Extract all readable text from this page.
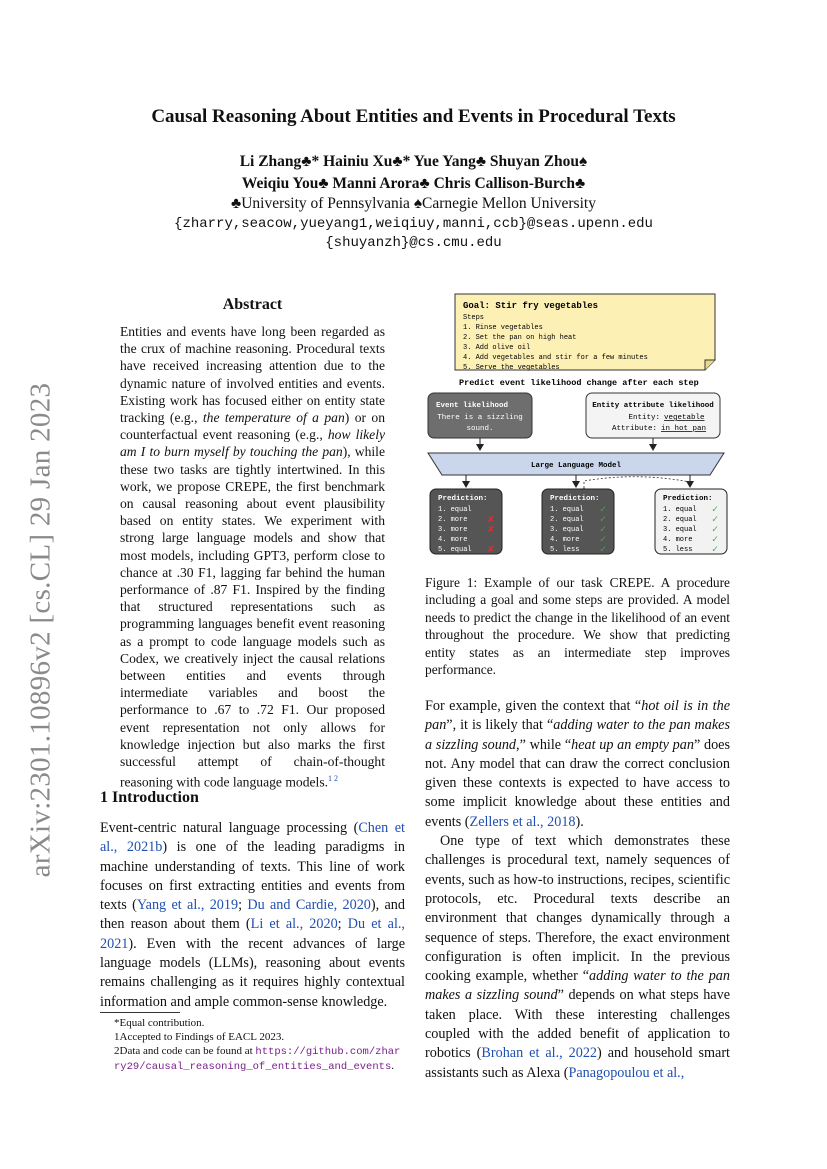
arXiv:2301.10896v2 [cs.CL] 29 Jan 2023
Causal Reasoning About Entities and Events in Procedural Texts
Li Zhang♣* Hainiu Xu♣* Yue Yang♣ Shuyan Zhou♠
Weiqiu You♣ Manni Arora♣ Chris Callison-Burch♣
♣University of Pennsylvania ♠Carnegie Mellon University
{zharry,seacow,yueyang1,weiqiuy,manni,ccb}@seas.upenn.edu
{shuyanzh}@cs.cmu.edu
Abstract
Entities and events have long been regarded as the crux of machine reasoning. Procedural texts have received increasing attention due to the dynamic nature of involved entities and events. Existing work has focused either on entity state tracking (e.g., the temperature of a pan) or on counterfactual event reasoning (e.g., how likely am I to burn myself by touching the pan), while these two tasks are tightly intertwined. In this work, we propose CREPE, the first benchmark on causal reasoning about event plausibility based on entity states. We experiment with strong large language models and show that most models, including GPT3, perform close to chance at .30 F1, lagging far behind the human performance of .87 F1. Inspired by the finding that structured representations such as programming languages benefit event reasoning as a prompt to code language models such as Codex, we creatively inject the causal relations between entities and events through intermediate variables and boost the performance to .67 to .72 F1. Our proposed event representation not only allows for knowledge injection but also marks the first successful attempt of chain-of-thought reasoning with code language models.$^{1 2}$
1 Introduction
Event-centric natural language processing (Chen et al., 2021b) is one of the leading paradigms in machine understanding of texts. This line of work focuses on first extracting entities and events from texts (Yang et al., 2019; Du and Cardie, 2020), and then reason about them (Li et al., 2020; Du et al., 2021). Even with the recent advances of large language models (LLMs), reasoning about events remains challenging as it requires highly contextual information and ample common-sense knowledge.
*Equal contribution.
1Accepted to Findings of EACL 2023.
2Data and code can be found at https://github.com/zharry29/causal_reasoning_of_entities_and_events.
Goal: Stir fry vegetables
Steps
1. Rinse vegetables
2. Set the pan on high heat
3. Add olive oil
4. Add vegetables and stir for a few minutes
5. Serve the vegetables
Predict event likelihood change after each step
Event likelihood
There is a sizzling
sound.
Entity attribute likelihood
Entity: vegetable
Attribute: in hot pan
Large Language Model
Prediction:
1. equal
2. more
3. more
4. more
5. equal
✘
✘
✘
Prediction:
1. equal
2. equal
3. equal
4. more
5. less
✓
✓
✓
✓
✓
Prediction:
1. equal
2. equal
3. equal
4. more
5. less
✓
✓
✓
✓
✓
Figure 1: Example of our task CREPE. A procedure including a goal and some steps are provided. A model needs to predict the change in the likelihood of an event throughout the procedure. We show that predicting entity states as an intermediate step improves performance.

For example, given the context that “hot oil is in the pan”, it is likely that “adding water to the pan makes a sizzling sound,” while “heat up an empty pan” does not. Any model that can draw the correct conclusion given these contexts is expected to have access to some implicit knowledge about these entities and events (Zellers et al., 2018).

One type of text which demonstrates these challenges is procedural text, namely sequences of events, such as how-to instructions, recipes, scientific protocols, etc. Procedural texts describe an environment that changes dynamically through a sequence of steps. Therefore, the exact environment configuration is often implicit. In the previous cooking example, whether “adding water to the pan makes a sizzling sound” depends on what steps have taken place. With these interesting challenges coupled with the added benefit of application to robotics (Brohan et al., 2022) and household smart assistants such as Alexa (Panagopoulou et al.,
